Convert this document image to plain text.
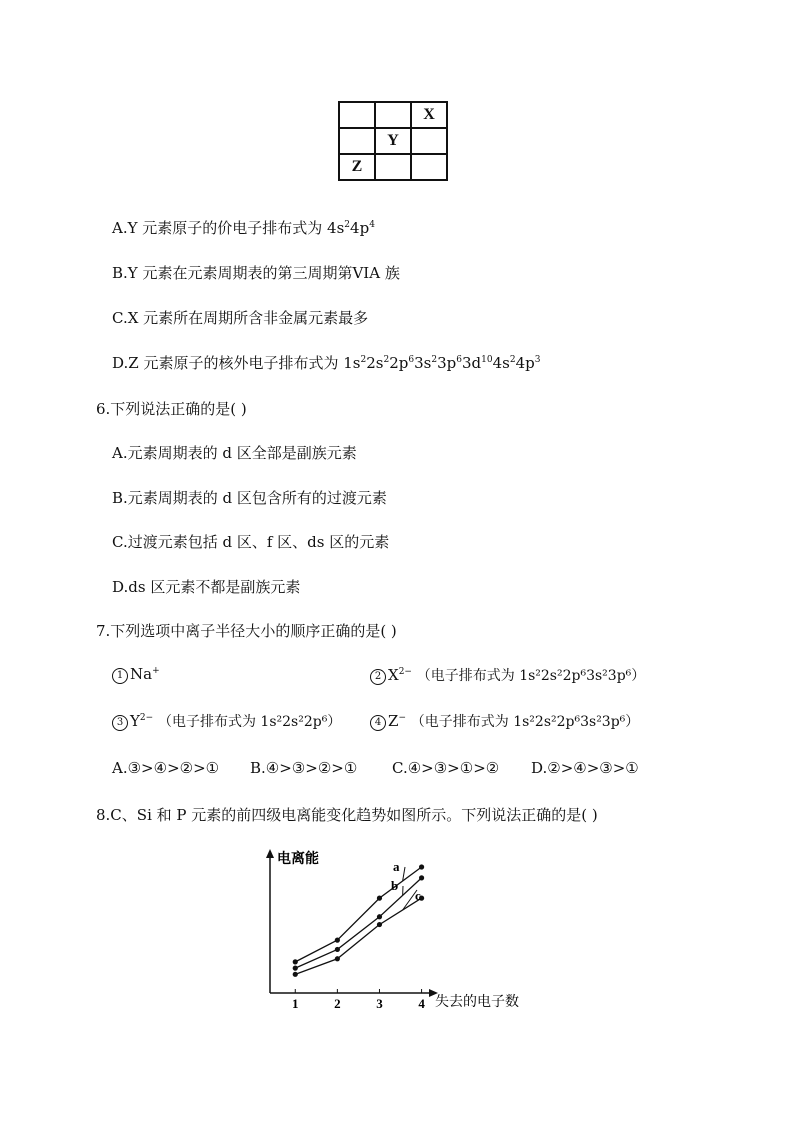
		X
	Y	
Z		
A.Y 元素原子的价电子排布式为 $4s^24p^4$
B.Y 元素在元素周期表的第三周期第VIA 族
C.X 元素所在周期所含非金属元素最多
D.Z 元素原子的核外电子排布式为 $1s^22s^22p^63s^23p^63d^{10}4s^24p^3$
6.下列说法正确的是( )
A.元素周期表的 d 区全部是副族元素
B.元素周期表的 d 区包含所有的过渡元素
C.过渡元素包括 d 区、f 区、ds 区的元素
D.ds 区元素不都是副族元素
7.下列选项中离子半径大小的顺序正确的是( )
1 Na+	2 $X^{2-}$ （电子排布式为 1s²2s²2p⁶3s²3p⁶）
3 $Y^{2-}$ （电子排布式为 1s²2s²2p⁶）	4 Z− （电子排布式为 1s²2s²2p⁶3s²3p⁶）
A.③>④>②>① B.④>③>②>① C.④>③>①>② D.②>④>③>①
8.C、Si 和 P 元素的前四级电离能变化趋势如图所示。下列说法正确的是( )
电离能
失去的电子数
1	2	3	4
a
b
c
